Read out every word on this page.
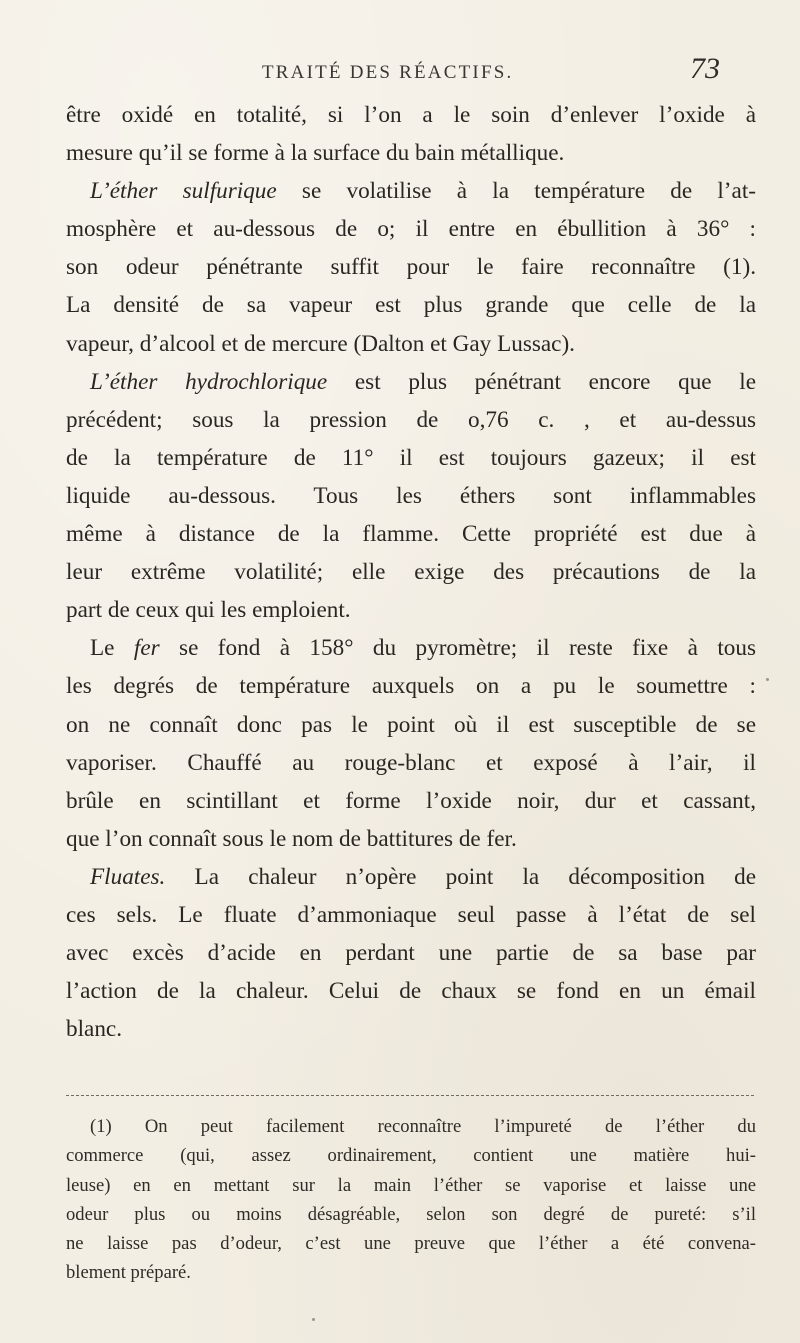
TRAITÉ DES RÉACTIFS.	73
être oxidé en totalité, si l’on a le soin d’enlever l’oxide à
mesure qu’il se forme à la surface du bain métallique.
L’éther sulfurique se volatilise à la température de l’at-
mosphère et au-dessous de o; il entre en ébullition à 36° :
son odeur pénétrante suffit pour le faire reconnaître (1).
La densité de sa vapeur est plus grande que celle de la
vapeur, d’alcool et de mercure (Dalton et Gay Lussac).
L’éther hydrochlorique est plus pénétrant encore que le
précédent; sous la pression de o,76 c. , et au-dessus
de la température de 11° il est toujours gazeux; il est
liquide au-dessous. Tous les éthers sont inflammables
même à distance de la flamme. Cette propriété est due à
leur extrême volatilité; elle exige des précautions de la
part de ceux qui les emploient.
Le fer se fond à 158° du pyromètre; il reste fixe à tous
les degrés de température auxquels on a pu le soumettre :
on ne connaît donc pas le point où il est susceptible de se
vaporiser. Chauffé au rouge-blanc et exposé à l’air, il
brûle en scintillant et forme l’oxide noir, dur et cassant,
que l’on connaît sous le nom de battitures de fer.
Fluates. La chaleur n’opère point la décomposition de
ces sels. Le fluate d’ammoniaque seul passe à l’état de sel
avec excès d’acide en perdant une partie de sa base par
l’action de la chaleur. Celui de chaux se fond en un émail
blanc.
(1) On peut facilement reconnaître l’impureté de l’éther du
commerce (qui, assez ordinairement, contient une matière hui-
leuse) en en mettant sur la main l’éther se vaporise et laisse une
odeur plus ou moins désagréable, selon son degré de pureté: s’il
ne laisse pas d’odeur, c’est une preuve que l’éther a été convena-
blement préparé.
